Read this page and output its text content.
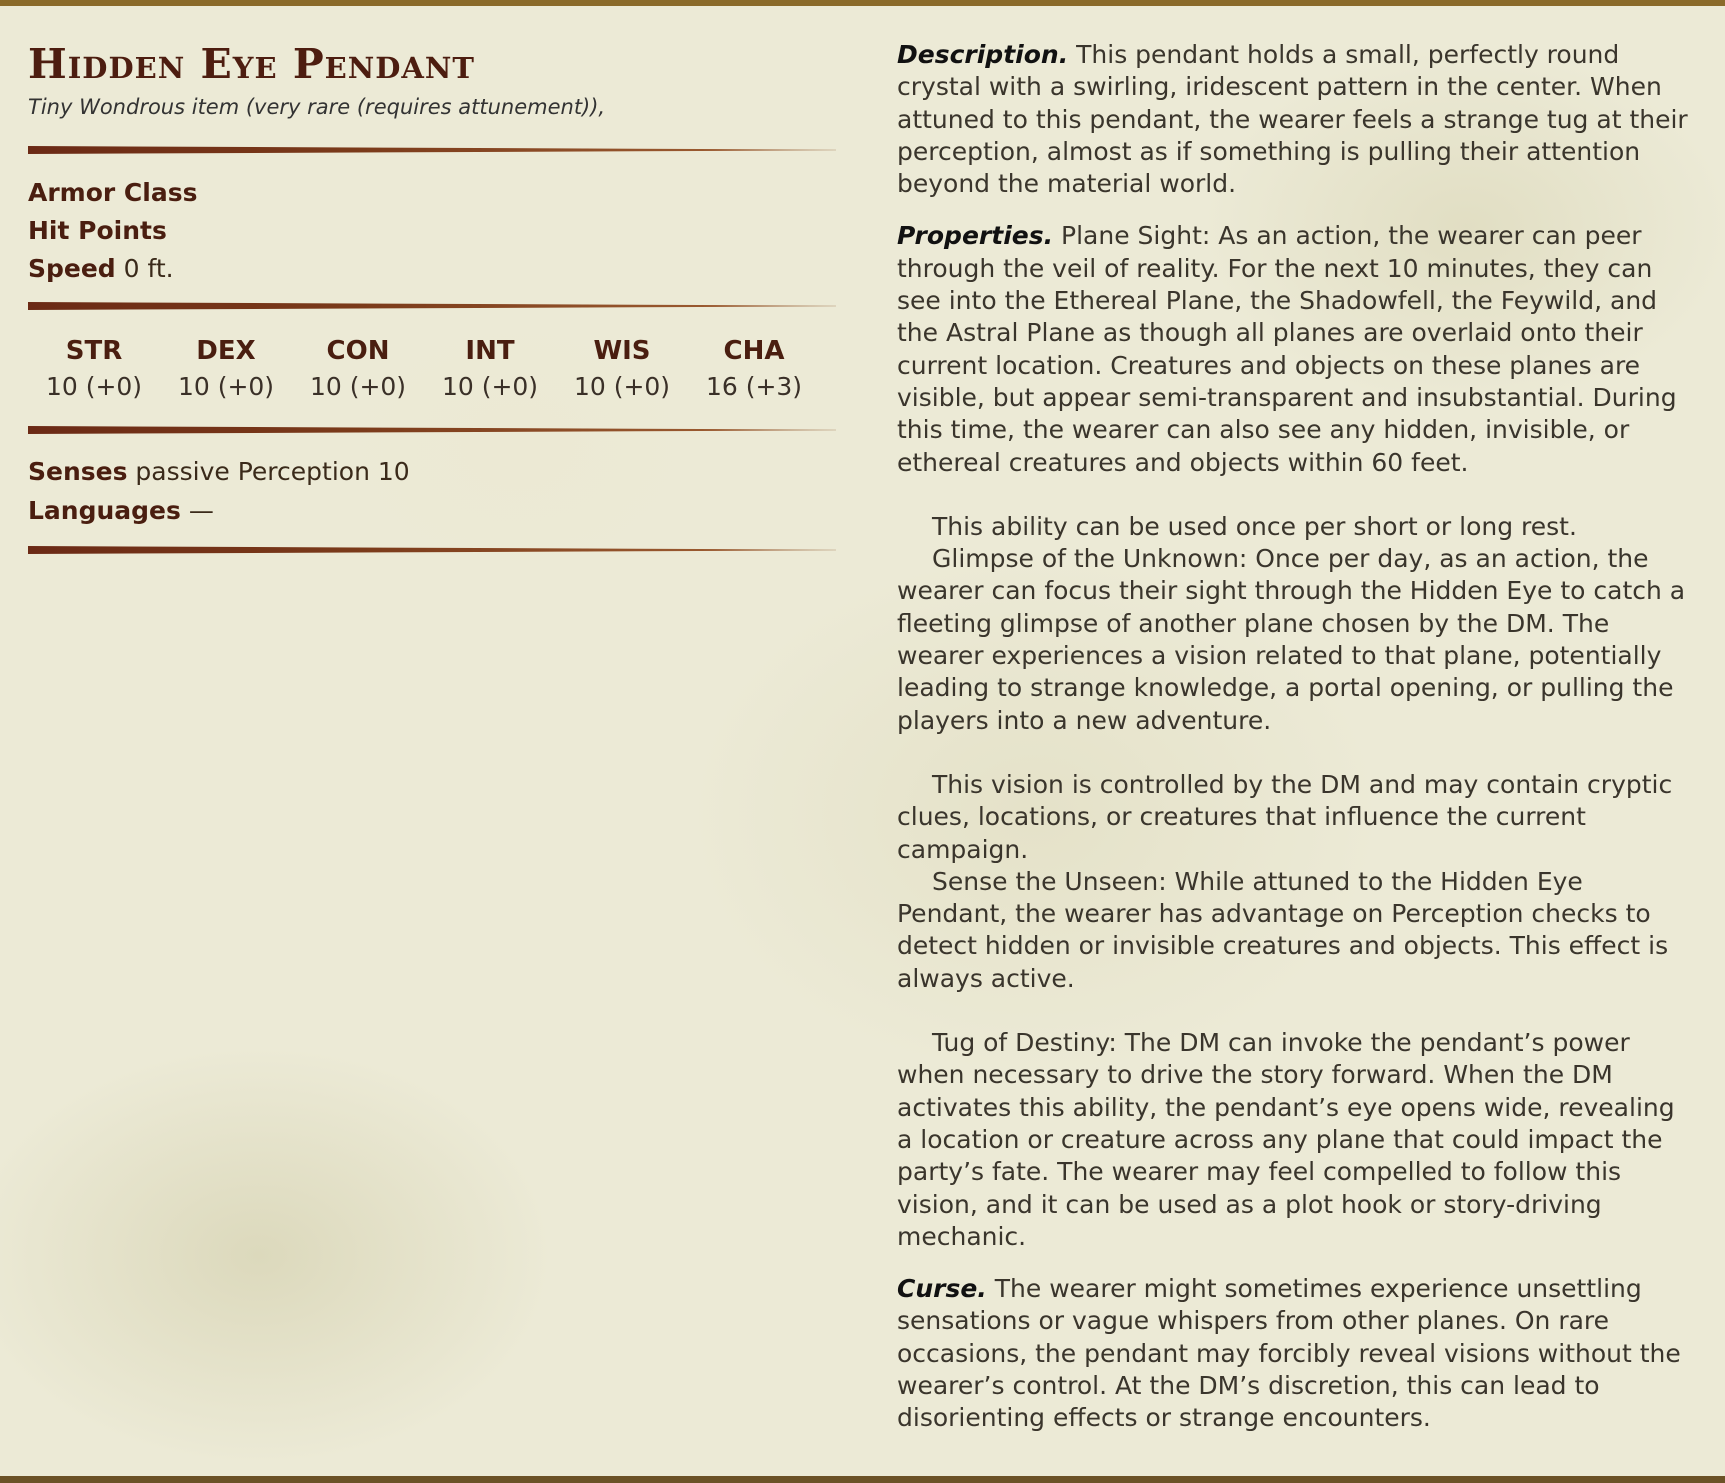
Hidden Eye Pendant
Tiny Wondrous item (very rare (requires attunement)),
Armor Class
Hit Points
Speed 0 ft.
STR
10 (+0)
DEX
10 (+0)
CON
10 (+0)
INT
10 (+0)
WIS
10 (+0)
CHA
16 (+3)
Senses passive Perception 10
Languages —

Description. This pendant holds a small, perfectly round crystal with a swirling, iridescent pattern in the center. When attuned to this pendant, the wearer feels a strange tug at their perception, almost as if something is pulling their attention beyond the material world.

Properties. Plane Sight: As an action, the wearer can peer through the veil of reality. For the next 10 minutes, they can see into the Ethereal Plane, the Shadowfell, the Feywild, and the Astral Plane as though all planes are overlaid onto their current location. Creatures and objects on these planes are visible, but appear semi-transparent and insubstantial. During this time, the wearer can also see any hidden, invisible, or ethereal creatures and objects within 60 feet.

This ability can be used once per short or long rest.

Glimpse of the Unknown: Once per day, as an action, the wearer can focus their sight through the Hidden Eye to catch a fleeting glimpse of another plane chosen by the DM. The wearer experiences a vision related to that plane, potentially leading to strange knowledge, a portal opening, or pulling the players into a new adventure.

This vision is controlled by the DM and may contain cryptic clues, locations, or creatures that influence the current campaign.

Sense the Unseen: While attuned to the Hidden Eye Pendant, the wearer has advantage on Perception checks to detect hidden or invisible creatures and objects. This effect is always active.

Tug of Destiny: The DM can invoke the pendant’s power when necessary to drive the story forward. When the DM activates this ability, the pendant’s eye opens wide, revealing a location or creature across any plane that could impact the party’s fate. The wearer may feel compelled to follow this vision, and it can be used as a plot hook or story-driving mechanic.

Curse. The wearer might sometimes experience unsettling sensations or vague whispers from other planes. On rare occasions, the pendant may forcibly reveal visions without the wearer’s control. At the DM’s discretion, this can lead to disorienting effects or strange encounters.
